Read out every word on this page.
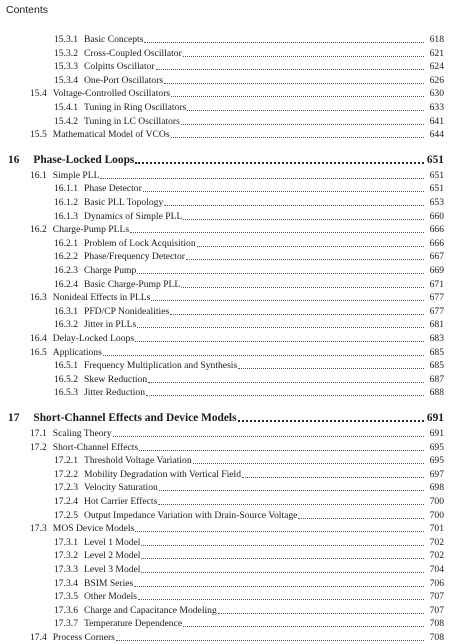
Contents
15.3.1 Basic Concepts	618
15.3.2 Cross-Coupled Oscillator	621
15.3.3 Colpitts Oscillator	624
15.3.4 One-Port Oscillators	626
15.4 Voltage-Controlled Oscillators	630
15.4.1 Tuning in Ring Oscillators	633
15.4.2 Tuning in LC Oscillators	641
15.5 Mathematical Model of VCOs	644
16 Phase-Locked Loops	651
16.1 Simple PLL	651
16.1.1 Phase Detector	651
16.1.2 Basic PLL Topology	653
16.1.3 Dynamics of Simple PLL	660
16.2 Charge-Pump PLLs	666
16.2.1 Problem of Lock Acquisition	666
16.2.2 Phase/Frequency Detector	667
16.2.3 Charge Pump	669
16.2.4 Basic Charge-Pump PLL	671
16.3 Nonideal Effects in PLLs	677
16.3.1 PFD/CP Nonidealities	677
16.3.2 Jitter in PLLs	681
16.4 Delay-Locked Loops	683
16.5 Applications	685
16.5.1 Frequency Multiplication and Synthesis	685
16.5.2 Skew Reduction	687
16.5.3 Jitter Reduction	688
17 Short-Channel Effects and Device Models	691
17.1 Scaling Theory	691
17.2 Short-Channel Effects	695
17.2.1 Threshold Voltage Variation	695
17.2.2 Mobility Degradation with Vertical Field	697
17.2.3 Velocity Saturation	698
17.2.4 Hot Carrier Effects	700
17.2.5 Output Impedance Variation with Drain-Source Voltage	700
17.3 MOS Device Models	701
17.3.1 Level 1 Model	702
17.3.2 Level 2 Model	702
17.3.3 Level 3 Model	704
17.3.4 BSIM Series	706
17.3.5 Other Models	707
17.3.6 Charge and Capacitance Modeling	707
17.3.7 Temperature Dependence	708
17.4 Process Corners	708
